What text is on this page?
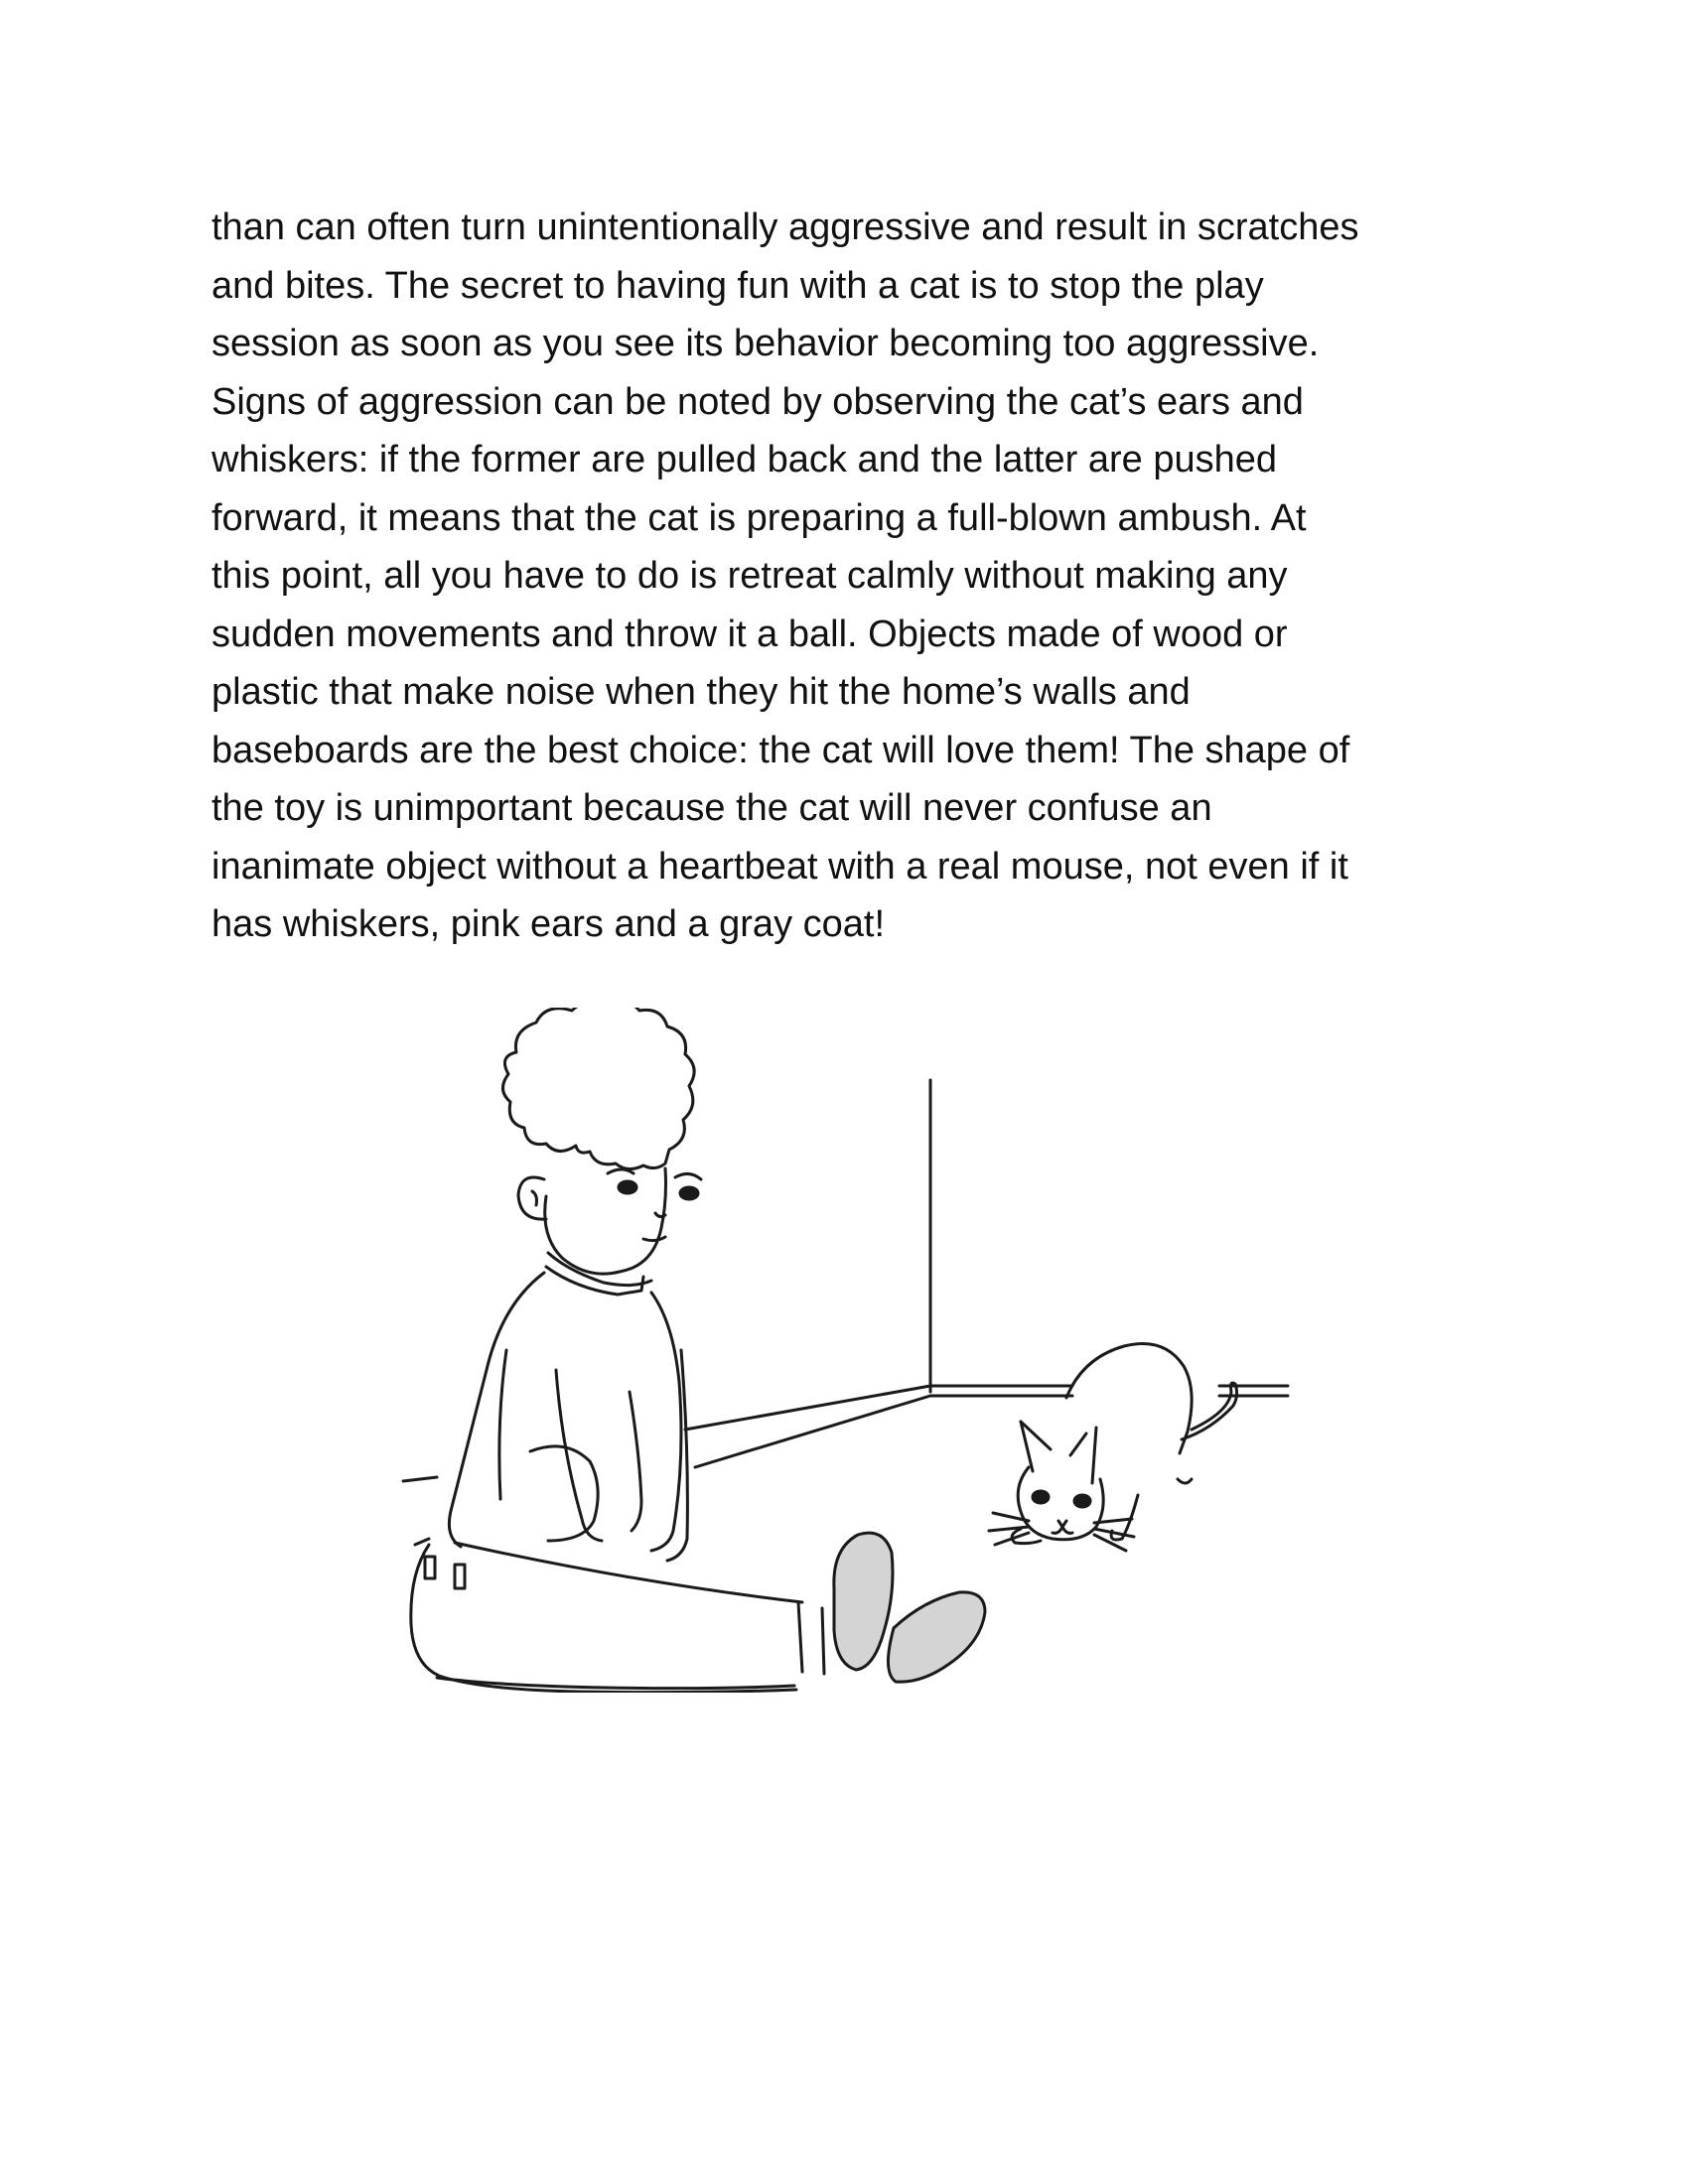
than can often turn unintentionally aggressive and result in scratches
and bites. The secret to having fun with a cat is to stop the play
session as soon as you see its behavior becoming too aggressive.
Signs of aggression can be noted by observing the cat’s ears and
whiskers: if the former are pulled back and the latter are pushed
forward, it means that the cat is preparing a full-blown ambush. At
this point, all you have to do is retreat calmly without making any
sudden movements and throw it a ball. Objects made of wood or
plastic that make noise when they hit the home’s walls and
baseboards are the best choice: the cat will love them! The shape of
the toy is unimportant because the cat will never confuse an
inanimate object without a heartbeat with a real mouse, not even if it
has whiskers, pink ears and a gray coat!
